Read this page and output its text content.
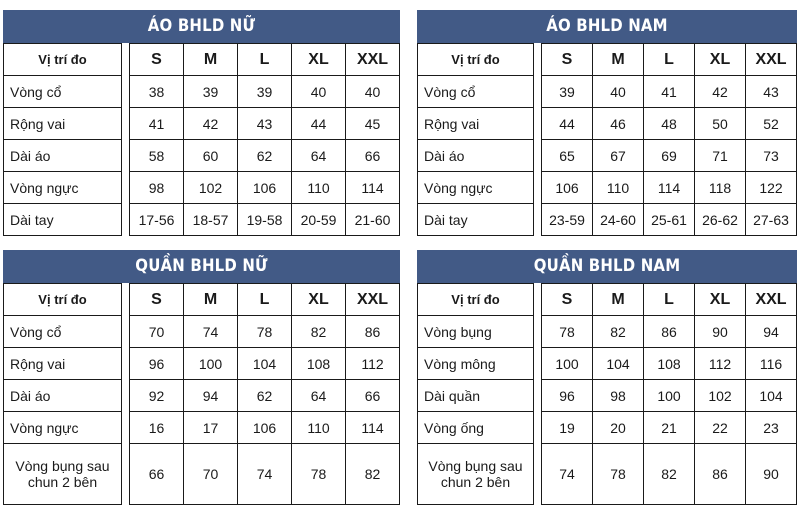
ÁO BHLD NỮ
Vị trí đo		S	M	L	XL	XXL
Vòng cổ		38	39	39	40	40
Rộng vai		41	42	43	44	45
Dài áo		58	60	62	64	66
Vòng ngực		98	102	106	110	114
Dài tay		17-56	18-57	19-58	20-59	21-60
ÁO BHLD NAM
Vị trí đo		S	M	L	XL	XXL
Vòng cổ		39	40	41	42	43
Rộng vai		44	46	48	50	52
Dài áo		65	67	69	71	73
Vòng ngực		106	110	114	118	122
Dài tay		23-59	24-60	25-61	26-62	27-63
QUẦN BHLD NỮ
Vị trí đo		S	M	L	XL	XXL
Vòng cổ		70	74	78	82	86
Rộng vai		96	100	104	108	112
Dài áo		92	94	62	64	66
Vòng ngực		16	17	106	110	114
Vòng bụng sau chun 2 bên		66	70	74	78	82
QUẦN BHLD NAM
Vị trí đo		S	M	L	XL	XXL
Vòng bụng		78	82	86	90	94
Vòng mông		100	104	108	112	116
Dài quần		96	98	100	102	104
Vòng ống		19	20	21	22	23
Vòng bụng sau chun 2 bên		74	78	82	86	90
